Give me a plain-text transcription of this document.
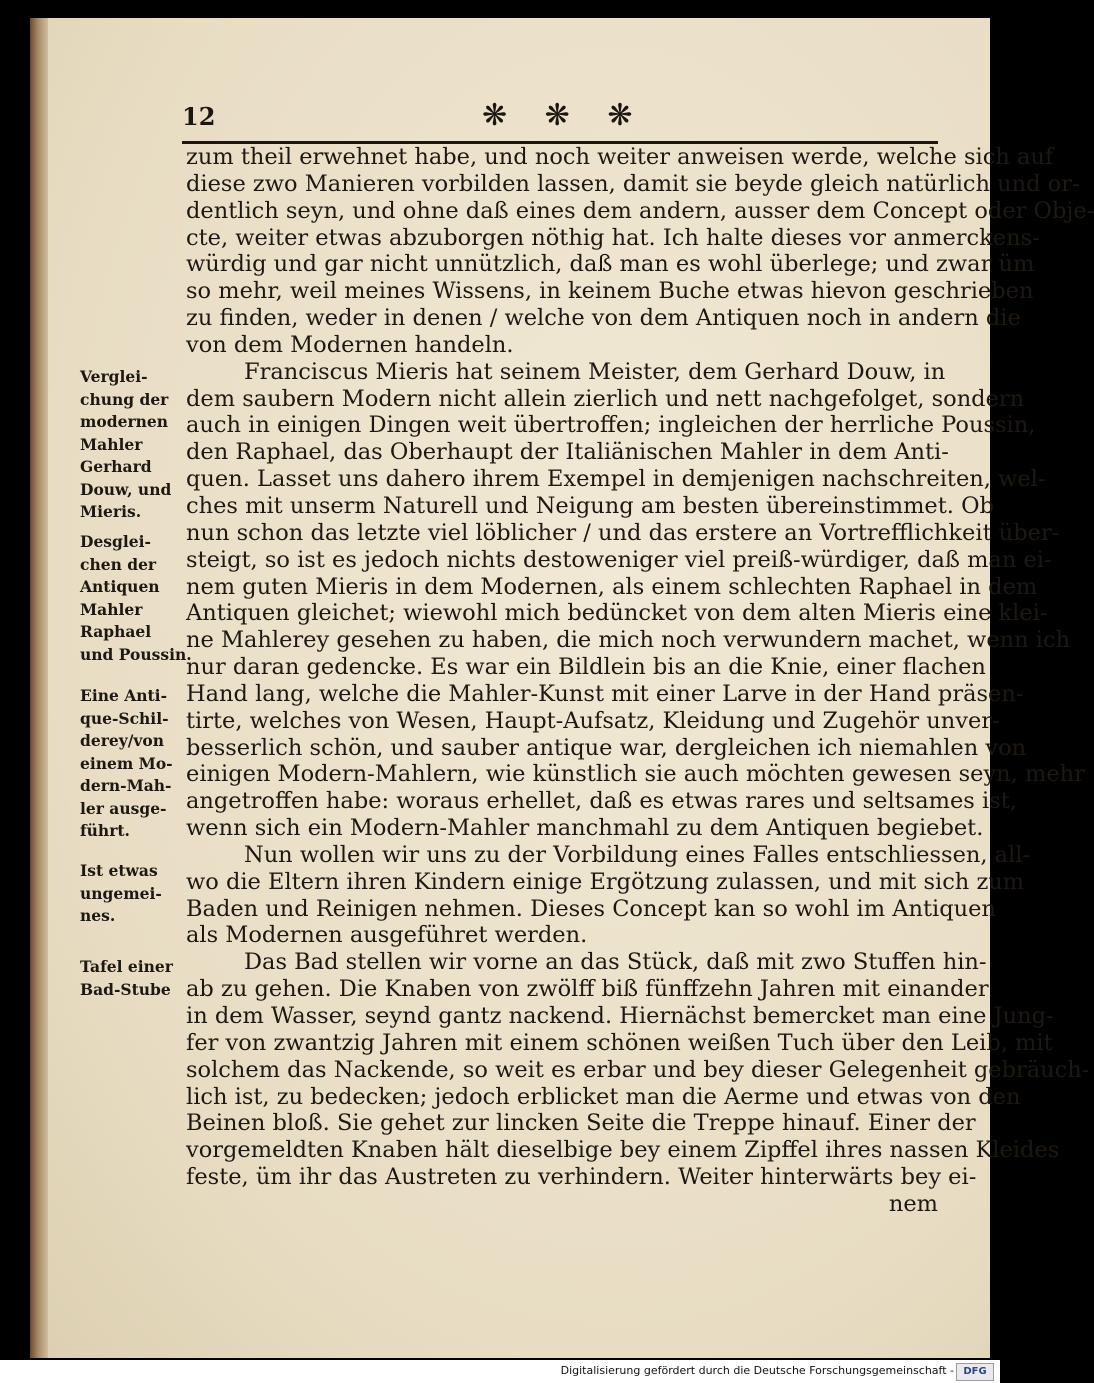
12	❋ ❋ ❋
zum theil erwehnet habe, und noch weiter anweisen werde, welche sich auf
diese zwo Manieren vorbilden lassen, damit sie beyde gleich natürlich und or-
dentlich seyn, und ohne daß eines dem andern, ausser dem Concept oder Obje-
cte, weiter etwas abzuborgen nöthig hat. Ich halte dieses vor anmerckens-
würdig und gar nicht unnützlich, daß man es wohl überlege; und zwar üm
so mehr, weil meines Wissens, in keinem Buche etwas hievon geschrieben
zu finden, weder in denen / welche von dem Antiquen noch in andern die
von dem Modernen handeln.
Franciscus Mieris hat seinem Meister, dem Gerhard Douw, in
dem saubern Modern nicht allein zierlich und nett nachgefolget, sondern
auch in einigen Dingen weit übertroffen; ingleichen der herrliche Poussin,
den Raphael, das Oberhaupt der Italiänischen Mahler in dem Anti-
quen. Lasset uns dahero ihrem Exempel in demjenigen nachschreiten, wel-
ches mit unserm Naturell und Neigung am besten übereinstimmet. Ob
nun schon das letzte viel löblicher / und das erstere an Vortrefflichkeit über-
steigt, so ist es jedoch nichts destoweniger viel preiß-würdiger, daß man ei-
nem guten Mieris in dem Modernen, als einem schlechten Raphael in dem
Antiquen gleichet; wiewohl mich bedüncket von dem alten Mieris eine klei-
ne Mahlerey gesehen zu haben, die mich noch verwundern machet, wenn ich
nur daran gedencke. Es war ein Bildlein bis an die Knie, einer flachen
Hand lang, welche die Mahler-Kunst mit einer Larve in der Hand präsen-
tirte, welches von Wesen, Haupt-Aufsatz, Kleidung und Zugehör unver-
besserlich schön, und sauber antique war, dergleichen ich niemahlen von
einigen Modern-Mahlern, wie künstlich sie auch möchten gewesen seyn, mehr
angetroffen habe: woraus erhellet, daß es etwas rares und seltsames ist,
wenn sich ein Modern-Mahler manchmahl zu dem Antiquen begiebet.
Nun wollen wir uns zu der Vorbildung eines Falles entschliessen, all-
wo die Eltern ihren Kindern einige Ergötzung zulassen, und mit sich zum
Baden und Reinigen nehmen. Dieses Concept kan so wohl im Antiquen
als Modernen ausgeführet werden.
Das Bad stellen wir vorne an das Stück, daß mit zwo Stuffen hin-
ab zu gehen. Die Knaben von zwölff biß fünffzehn Jahren mit einander
in dem Wasser, seynd gantz nackend. Hiernächst bemercket man eine Jung-
fer von zwantzig Jahren mit einem schönen weißen Tuch über den Leib, mit
solchem das Nackende, so weit es erbar und bey dieser Gelegenheit gebräuch-
lich ist, zu bedecken; jedoch erblicket man die Aerme und etwas von den
Beinen bloß. Sie gehet zur lincken Seite die Treppe hinauf. Einer der
vorgemeldten Knaben hält dieselbige bey einem Zipffel ihres nassen Kleides
feste, üm ihr das Austreten zu verhindern. Weiter hinterwärts bey ei-
nem
Verglei-
chung der
modernen
Mahler
Gerhard
Douw, und
Mieris.
Desglei-
chen der
Antiquen
Mahler
Raphael
und Poussin.
Eine Anti-
que-Schil-
derey/von
einem Mo-
dern-Mah-
ler ausge-
führt.
Ist etwas
ungemei-
nes.
Tafel einer
Bad-Stube
Digitalisierung gefördert durch die Deutsche Forschungsgemeinschaft - DFG
